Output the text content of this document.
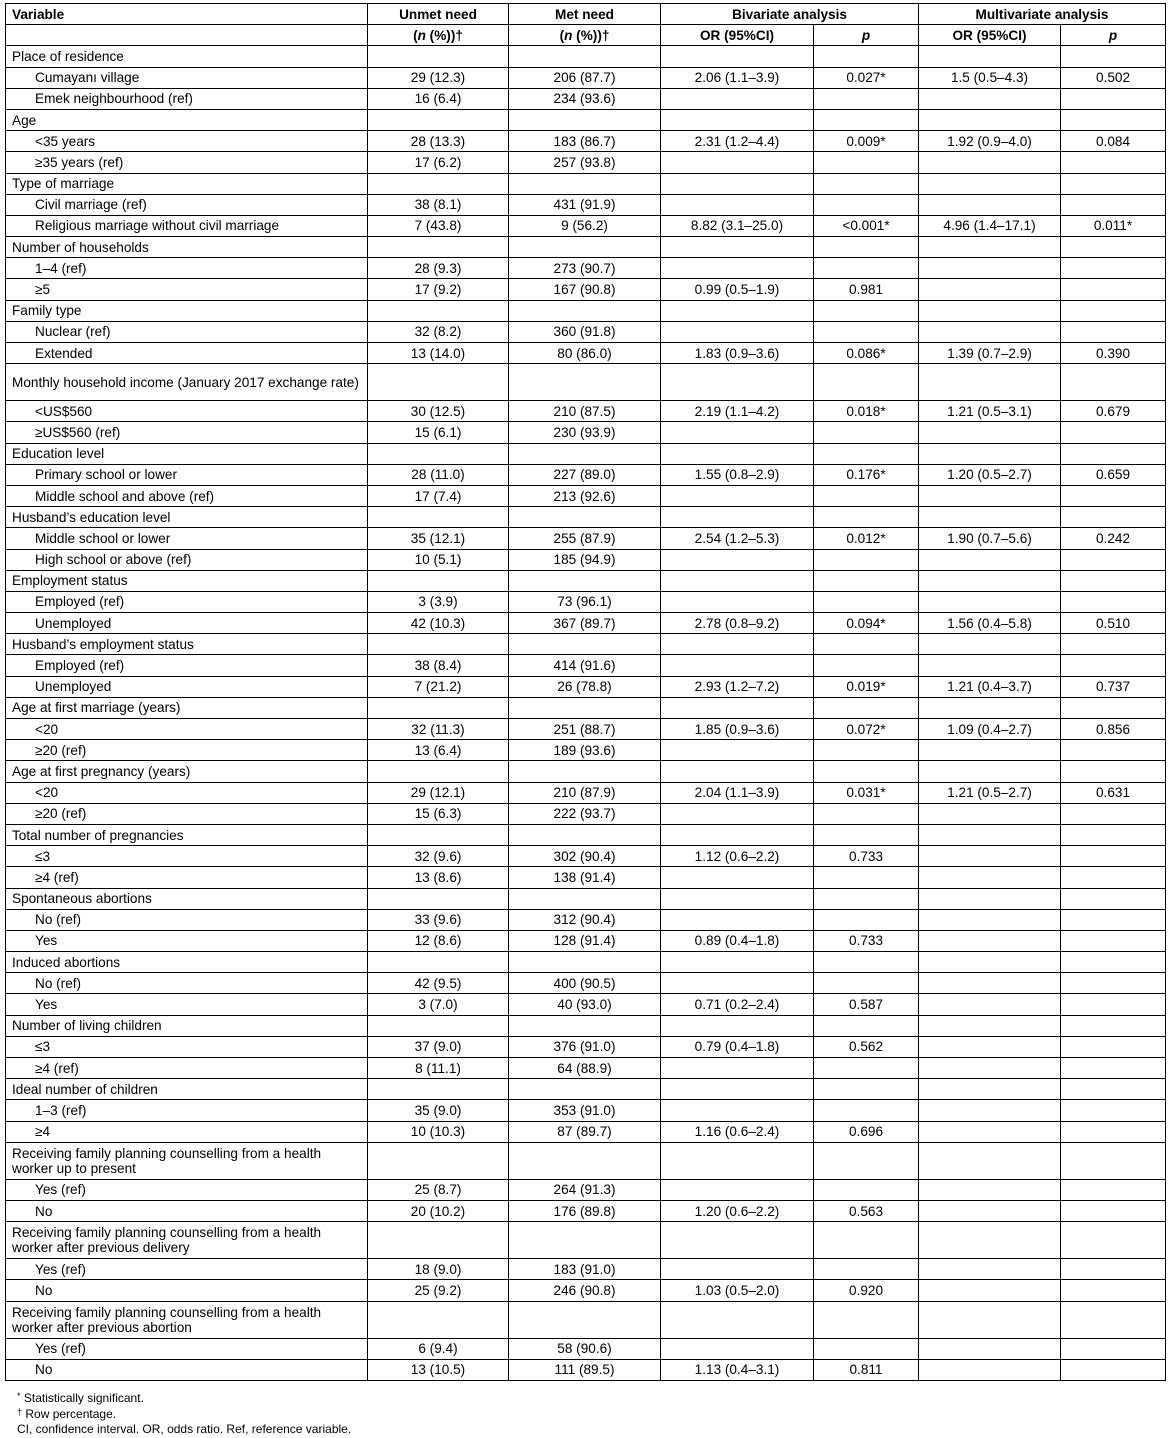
Variable	Unmet need	Met need	Bivariate analysis		Multivariate analysis	
	(n (%))†	(n (%))†	OR (95%CI)	p	OR (95%CI)	p
Place of residence						
Cumayanı village	29 (12.3)	206 (87.7)	2.06 (1.1–3.9)	0.027*	1.5 (0.5–4.3)	0.502
Emek neighbourhood (ref)	16 (6.4)	234 (93.6)				
Age						
<35 years	28 (13.3)	183 (86.7)	2.31 (1.2–4.4)	0.009*	1.92 (0.9–4.0)	0.084
≥35 years (ref)	17 (6.2)	257 (93.8)				
Type of marriage						
Civil marriage (ref)	38 (8.1)	431 (91.9)				
Religious marriage without civil marriage	7 (43.8)	9 (56.2)	8.82 (3.1–25.0)	<0.001*	4.96 (1.4–17.1)	0.011*
Number of households						
1–4 (ref)	28 (9.3)	273 (90.7)				
≥5	17 (9.2)	167 (90.8)	0.99 (0.5–1.9)	0.981		
Family type						
Nuclear (ref)	32 (8.2)	360 (91.8)				
Extended	13 (14.0)	80 (86.0)	1.83 (0.9–3.6)	0.086*	1.39 (0.7–2.9)	0.390
Monthly household income (January 2017 exchange rate)						
<US$560	30 (12.5)	210 (87.5)	2.19 (1.1–4.2)	0.018*	1.21 (0.5–3.1)	0.679
≥US$560 (ref)	15 (6.1)	230 (93.9)				
Education level						
Primary school or lower	28 (11.0)	227 (89.0)	1.55 (0.8–2.9)	0.176*	1.20 (0.5–2.7)	0.659
Middle school and above (ref)	17 (7.4)	213 (92.6)				
Husband’s education level						
Middle school or lower	35 (12.1)	255 (87.9)	2.54 (1.2–5.3)	0.012*	1.90 (0.7–5.6)	0.242
High school or above (ref)	10 (5.1)	185 (94.9)				
Employment status						
Employed (ref)	3 (3.9)	73 (96.1)				
Unemployed	42 (10.3)	367 (89.7)	2.78 (0.8–9.2)	0.094*	1.56 (0.4–5.8)	0.510
Husband’s employment status						
Employed (ref)	38 (8.4)	414 (91.6)				
Unemployed	7 (21.2)	26 (78.8)	2.93 (1.2–7.2)	0.019*	1.21 (0.4–3.7)	0.737
Age at first marriage (years)						
<20	32 (11.3)	251 (88.7)	1.85 (0.9–3.6)	0.072*	1.09 (0.4–2.7)	0.856
≥20 (ref)	13 (6.4)	189 (93.6)				
Age at first pregnancy (years)						
<20	29 (12.1)	210 (87.9)	2.04 (1.1–3.9)	0.031*	1.21 (0.5–2.7)	0.631
≥20 (ref)	15 (6.3)	222 (93.7)				
Total number of pregnancies						
≤3	32 (9.6)	302 (90.4)	1.12 (0.6–2.2)	0.733		
≥4 (ref)	13 (8.6)	138 (91.4)				
Spontaneous abortions						
No (ref)	33 (9.6)	312 (90.4)				
Yes	12 (8.6)	128 (91.4)	0.89 (0.4–1.8)	0.733		
Induced abortions						
No (ref)	42 (9.5)	400 (90.5)				
Yes	3 (7.0)	40 (93.0)	0.71 (0.2–2.4)	0.587		
Number of living children						
≤3	37 (9.0)	376 (91.0)	0.79 (0.4–1.8)	0.562		
≥4 (ref)	8 (11.1)	64 (88.9)				
Ideal number of children						
1–3 (ref)	35 (9.0)	353 (91.0)				
≥4	10 (10.3)	87 (89.7)	1.16 (0.6–2.4)	0.696		
Receiving family planning counselling from a health worker up to present						
Yes (ref)	25 (8.7)	264 (91.3)				
No	20 (10.2)	176 (89.8)	1.20 (0.6–2.2)	0.563		
Receiving family planning counselling from a health worker after previous delivery						
Yes (ref)	18 (9.0)	183 (91.0)				
No	25 (9.2)	246 (90.8)	1.03 (0.5–2.0)	0.920		
Receiving family planning counselling from a health worker after previous abortion						
Yes (ref)	6 (9.4)	58 (90.6)				
No	13 (10.5)	111 (89.5)	1.13 (0.4–3.1)	0.811		
* Statistically significant.
† Row percentage.
CI, confidence interval. OR, odds ratio. Ref, reference variable.
